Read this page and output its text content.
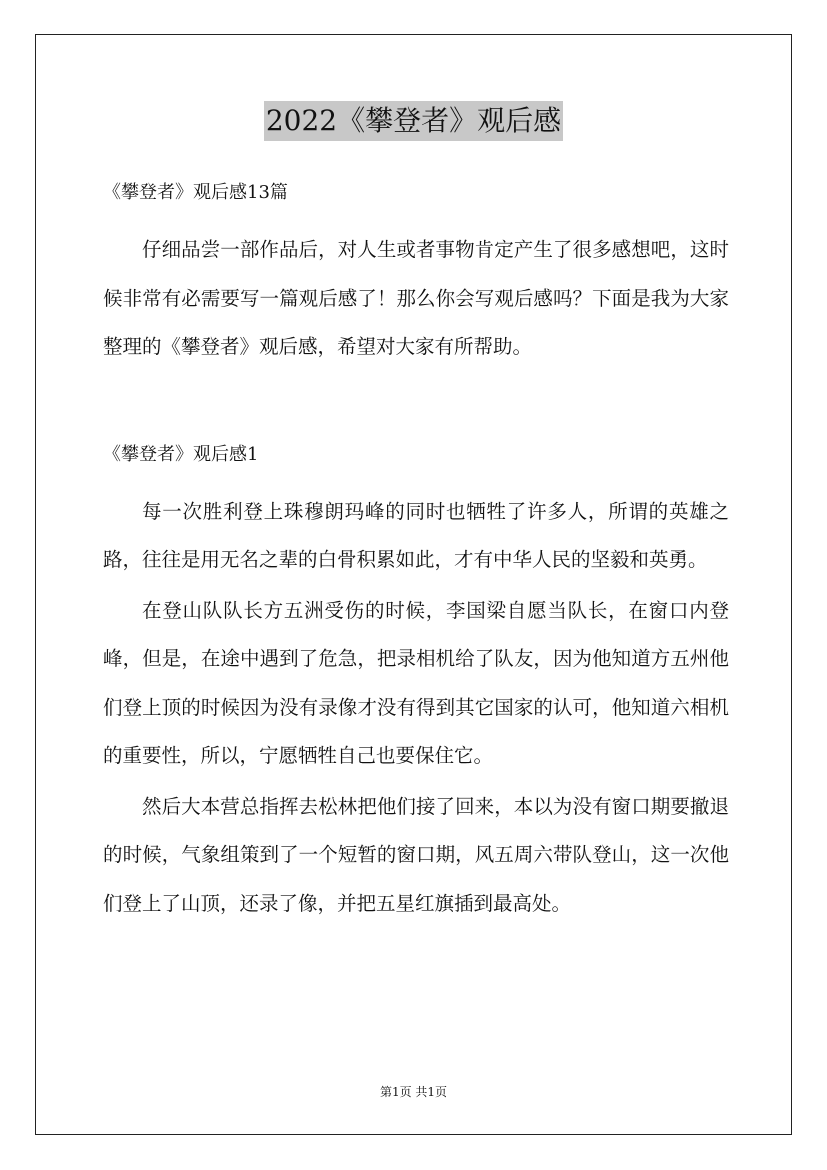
2022《攀登者》观后感
《攀登者》观后感13篇

仔细品尝一部作品后，对人生或者事物肯定产生了很多感想吧，这时候非常有必需要写一篇观后感了！那么你会写观后感吗？下面是我为大家整理的《攀登者》观后感，希望对大家有所帮助。

《攀登者》观后感1

每一次胜利登上珠穆朗玛峰的同时也牺牲了许多人，所谓的英雄之路，往往是用无名之辈的白骨积累如此，才有中华人民的坚毅和英勇。

在登山队队长方五洲受伤的时候，李国梁自愿当队长，在窗口内登峰，但是，在途中遇到了危急，把录相机给了队友，因为他知道方五州他们登上顶的时候因为没有录像才没有得到其它国家的认可，他知道六相机的重要性，所以，宁愿牺牲自己也要保住它。

然后大本营总指挥去松林把他们接了回来，本以为没有窗口期要撤退的时候，气象组策到了一个短暂的窗口期，风五周六带队登山，这一次他们登上了山顶，还录了像，并把五星红旗插到最高处。

第1页 共1页
